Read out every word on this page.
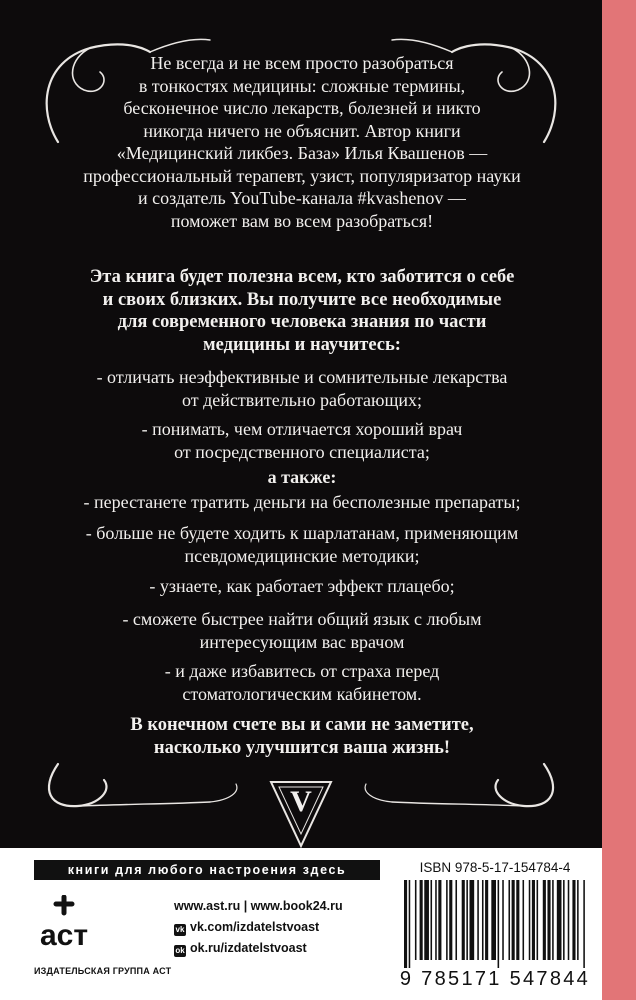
V

Не всегда и не всем просто разобраться

в тонкостях медицины: сложные термины,

бесконечное число лекарств, болезней и никто

никогда ничего не объяснит. Автор книги

«Медицинский ликбез. База» Илья Квашенов —

профессиональный терапевт, узист, популяризатор науки

и создатель YouTube-канала #kvashenov —

поможет вам во всем разобраться!

Эта книга будет полезна всем, кто заботится о себе

и своих близких. Вы получите все необходимые

для современного человека знания по части

медицины и научитесь:

- отличать неэффективные и сомнительные лекарства
от действительно работающих;
- понимать, чем отличается хороший врач
от посредственного специалиста;
а также:
- перестанете тратить деньги на бесполезные препараты;
- больше не будете ходить к шарлатанам, применяющим
псевдомедицинские методики;
- узнаете, как работает эффект плацебо;
- сможете быстрее найти общий язык с любым
интересующим вас врачом
- и даже избавитесь от страха перед
стоматологическим кабинетом.

В конечном счете вы и сами не заметите,

насколько улучшится ваша жизнь!

книги для любого настроения здесь
аст
ИЗДАТЕЛЬСКАЯ ГРУППА АСТ
www.ast.ru | www.book24.ru
vk vk.com/izdatelstvoast
ok ok.ru/izdatelstvoast
ISBN 978-5-17-154784-4
9 785171 547844
